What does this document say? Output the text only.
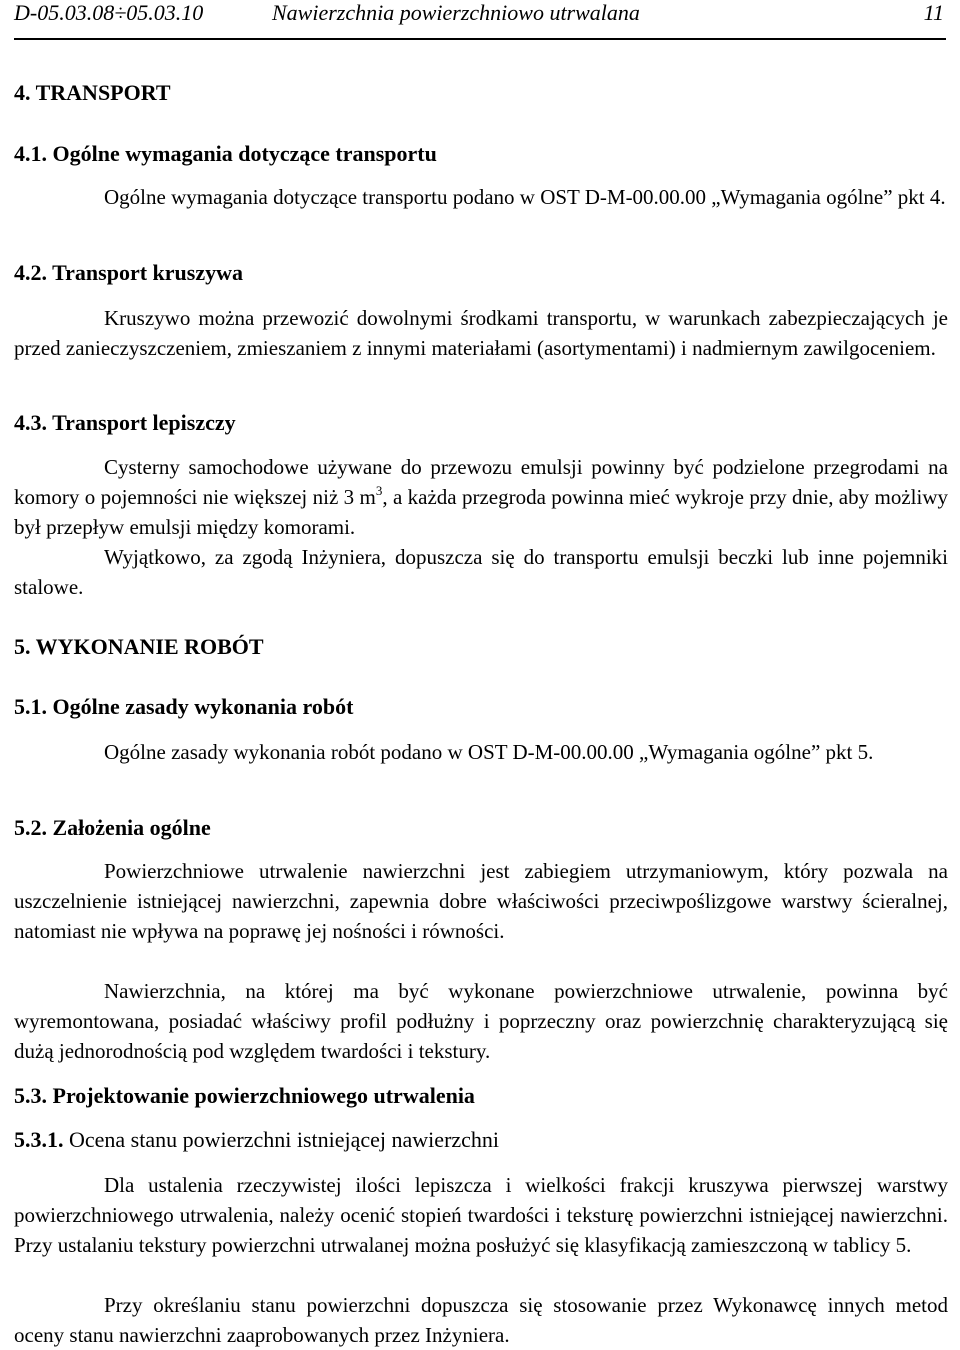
D-05.03.08÷05.03.10	Nawierzchnia powierzchniowo utrwalana	11
4. TRANSPORT
4.1. Ogólne wymagania dotyczące transportu
Ogólne wymagania dotyczące transportu podano w OST D-M-00.00.00 „Wymagania ogólne” pkt 4.
4.2. Transport kruszywa
Kruszywo można przewozić dowolnymi środkami transportu, w warunkach zabezpieczających je przed zanieczyszczeniem, zmieszaniem z innymi materiałami (asortymentami) i nadmiernym zawilgoceniem.
4.3. Transport lepiszczy
Cysterny samochodowe używane do przewozu emulsji powinny być podzielone przegrodami na komory o pojemności nie większej niż 3 $m^3$, a każda przegroda powinna mieć wykroje przy dnie, aby możliwy był przepływ emulsji między komorami.
Wyjątkowo, za zgodą Inżyniera, dopuszcza się do transportu emulsji beczki lub inne pojemniki stalowe.
5. WYKONANIE ROBÓT
5.1. Ogólne zasady wykonania robót
Ogólne zasady wykonania robót podano w OST D-M-00.00.00 „Wymagania ogólne” pkt 5.
5.2. Założenia ogólne
Powierzchniowe utrwalenie nawierzchni jest zabiegiem utrzymaniowym, który pozwala na uszczelnienie istniejącej nawierzchni, zapewnia dobre właściwości przeciwpoślizgowe warstwy ścieralnej, natomiast nie wpływa na poprawę jej nośności i równości.
Nawierzchnia, na której ma być wykonane powierzchniowe utrwalenie, powinna być wyremontowana, posiadać właściwy profil podłużny i poprzeczny oraz powierzchnię charakteryzującą się dużą jednorodnością pod względem twardości i tekstury.
5.3. Projektowanie powierzchniowego utrwalenia
5.3.1. Ocena stanu powierzchni istniejącej nawierzchni
Dla ustalenia rzeczywistej ilości lepiszcza i wielkości frakcji kruszywa pierwszej warstwy powierzchniowego utrwalenia, należy ocenić stopień twardości i teksturę powierzchni istniejącej nawierzchni. Przy ustalaniu tekstury powierzchni utrwalanej można posłużyć się klasyfikacją zamieszczoną w tablicy 5.
Przy określaniu stanu powierzchni dopuszcza się stosowanie przez Wykonawcę innych metod oceny stanu nawierzchni zaaprobowanych przez Inżyniera.
